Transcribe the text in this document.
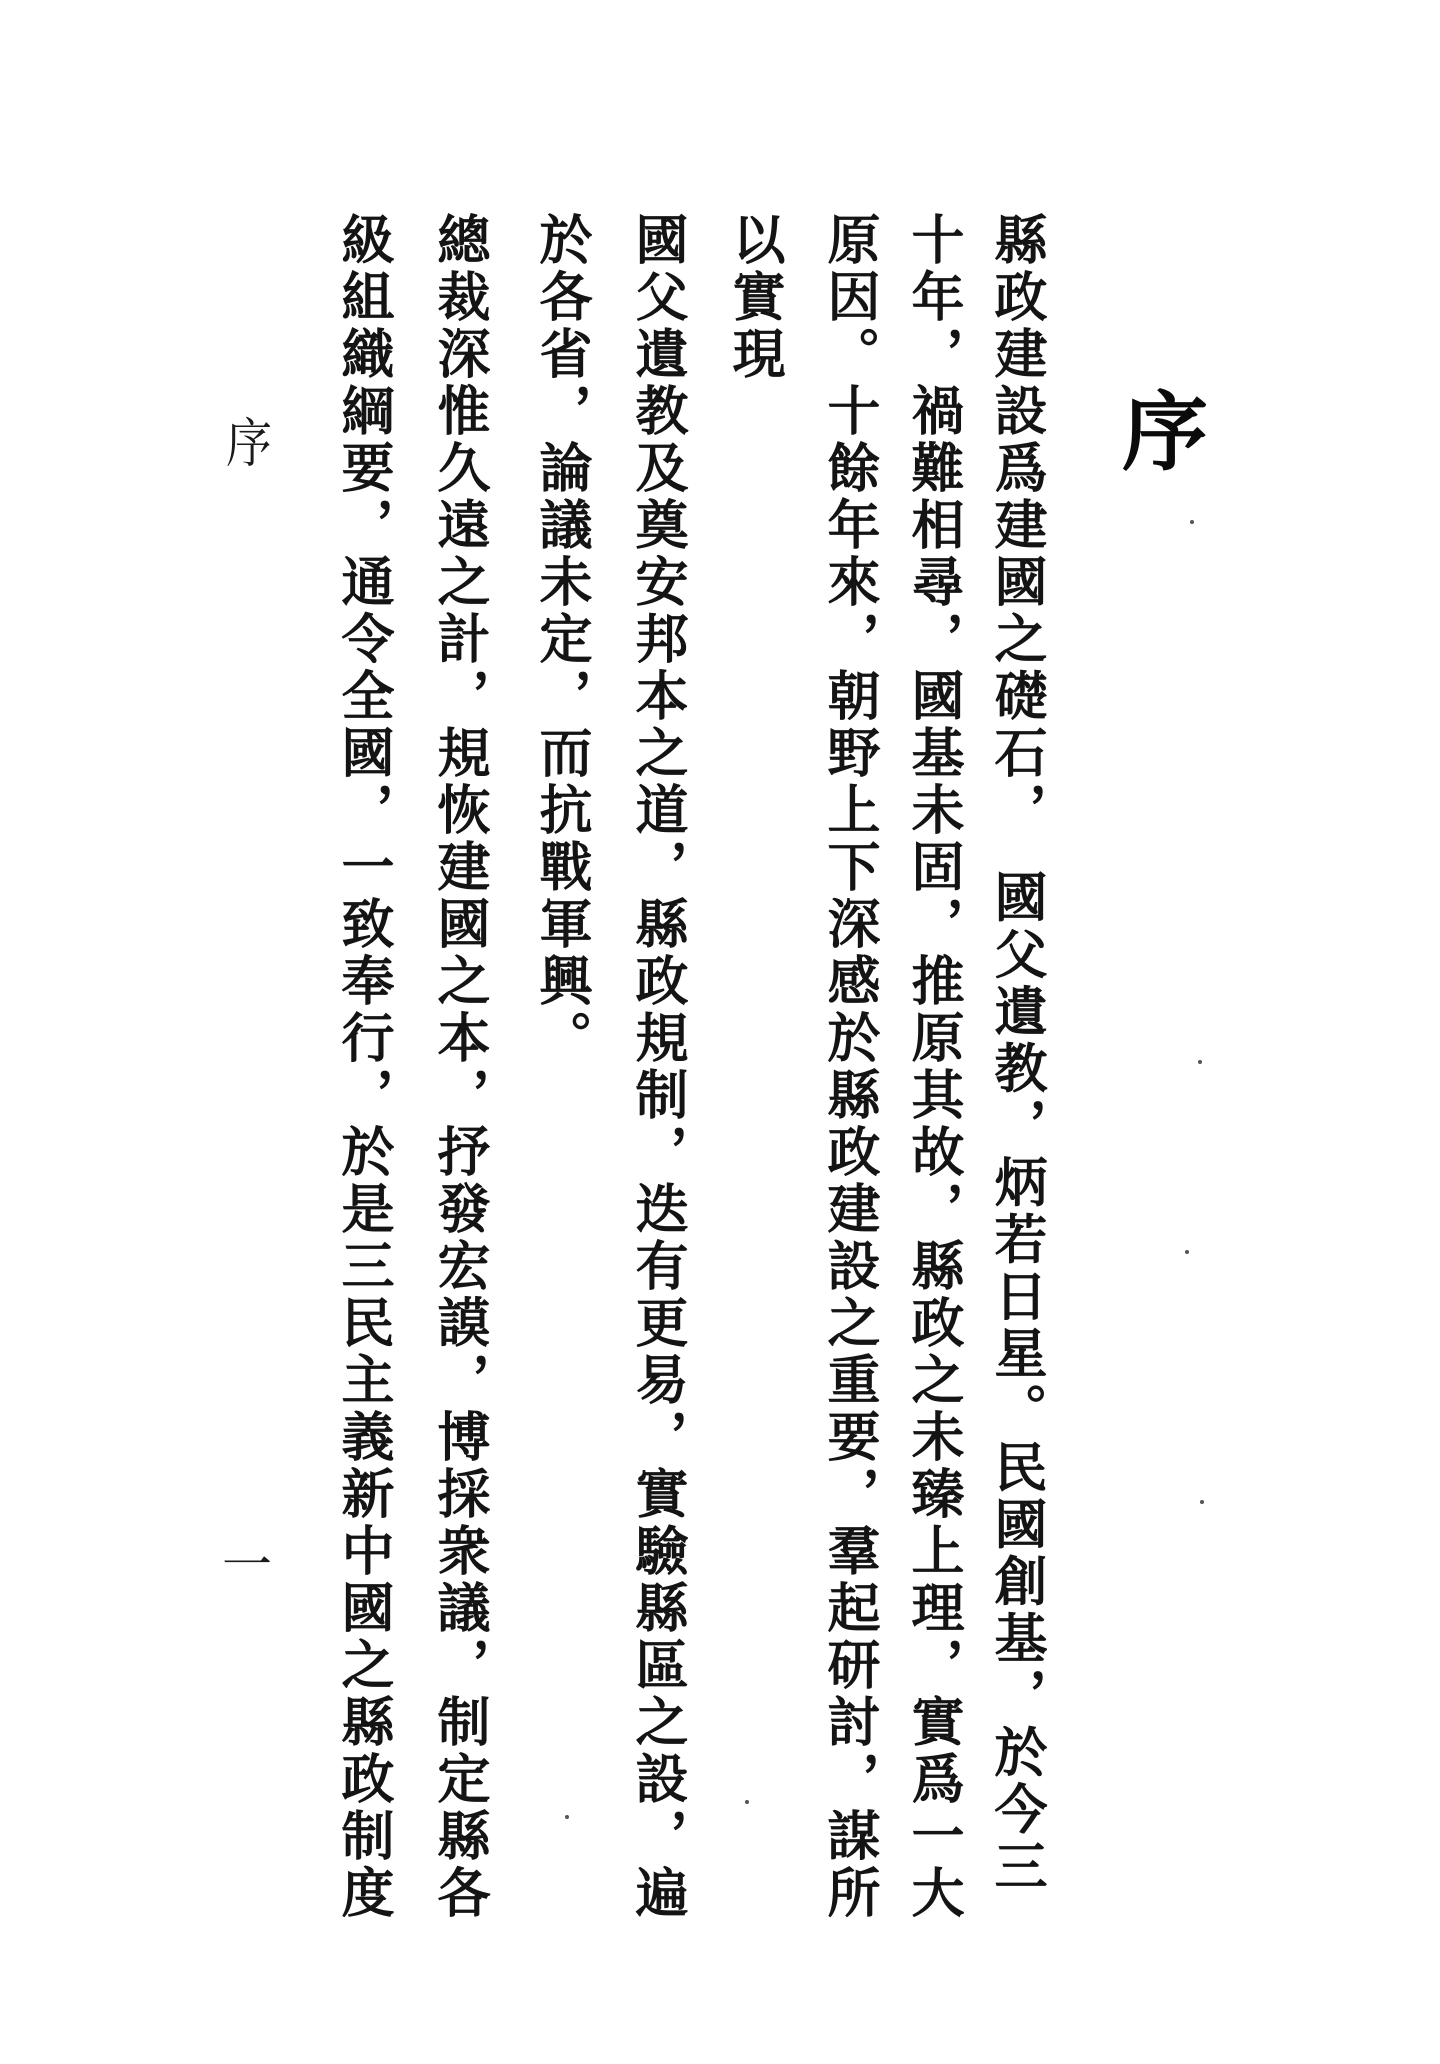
序
縣政建設爲建國之礎石，　國父遺教，炳若日星。民國創基，於今三
十年，禍難相尋，國基未固，推原其故，縣政之未臻上理，實爲一大
原因。十餘年來，朝野上下深感於縣政建設之重要，羣起研討，謀所
以實現
國父遺教及奠安邦本之道，縣政規制，迭有更易，實驗縣區之設，遍
於各省，論議未定，而抗戰軍興。
總裁深惟久遠之計，規恢建國之本，抒發宏謨，博採衆議，制定縣各
級組織綱要，通令全國，一致奉行，於是三民主義新中國之縣政制度
序
一
